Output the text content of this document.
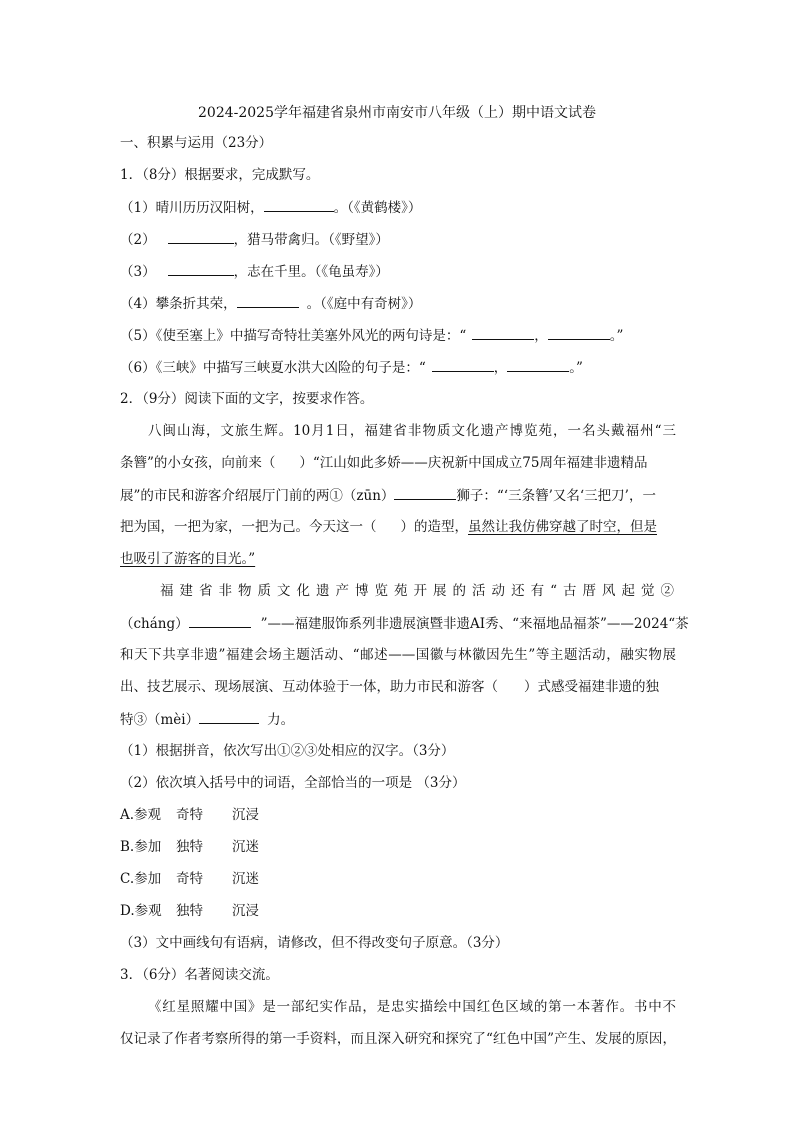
2024-2025学年福建省泉州市南安市八年级（上）期中语文试卷
一、积累与运用（23分）
1．（8分）根据要求，完成默写。
（1）晴川历历汉阳树，	。（《黄鹤楼》）
（2）	，猎马带禽归。（《野望》）
（3）	，志在千里。（《龟虽寿》）
（4）攀条折其荣，	。（《庭中有奇树》）
（5）《使至塞上》中描写奇特壮美塞外风光的两句诗是：“	，	。”
（6）《三峡》中描写三峡夏水洪大凶险的句子是：“	，	。”
2．（9分）阅读下面的文字，按要求作答。
八闽山海，文旅生辉。10月1日，福建省非物质文化遗产博览苑，一名头戴福州“三
条簪”的小女孩，向前来（ ）“江山如此多娇——庆祝新中国成立75周年福建非遗精品
展”的市民和游客介绍展厅门前的两①（zūn）	狮子：“‘三条簪’又名‘三把刀’，一
把为国，一把为家，一把为己。今天这一（ ）的造型，虽然让我仿佛穿越了时空，但是
也吸引了游客的目光。”
福建省非物质文化遗产博览苑开展的活动还有“古厝风起觉②
（cháng）	”——福建服饰系列非遗展演暨非遗AI秀、“来福地品福茶”——2024“茶
和天下共享非遗”福建会场主题活动、“邮述——国徽与林徽因先生”等主题活动，融实物展
出、技艺展示、现场展演、互动体验于一体，助力市民和游客（ ）式感受福建非遗的独
特③（mèi）	力。
（1）根据拼音，依次写出①②③处相应的汉字。（3分）
（2）依次填入括号中的词语，全部恰当的一项是 （3分）
A.参观 奇特 沉浸
B.参加 独特 沉迷
C.参加 奇特 沉迷
D.参观 独特 沉浸
（3）文中画线句有语病，请修改，但不得改变句子原意。（3分）
3．（6分）名著阅读交流。
《红星照耀中国》是一部纪实作品，是忠实描绘中国红色区域的第一本著作。书中不
仅记录了作者考察所得的第一手资料，而且深入研究和探究了“红色中国”产生、发展的原因，
